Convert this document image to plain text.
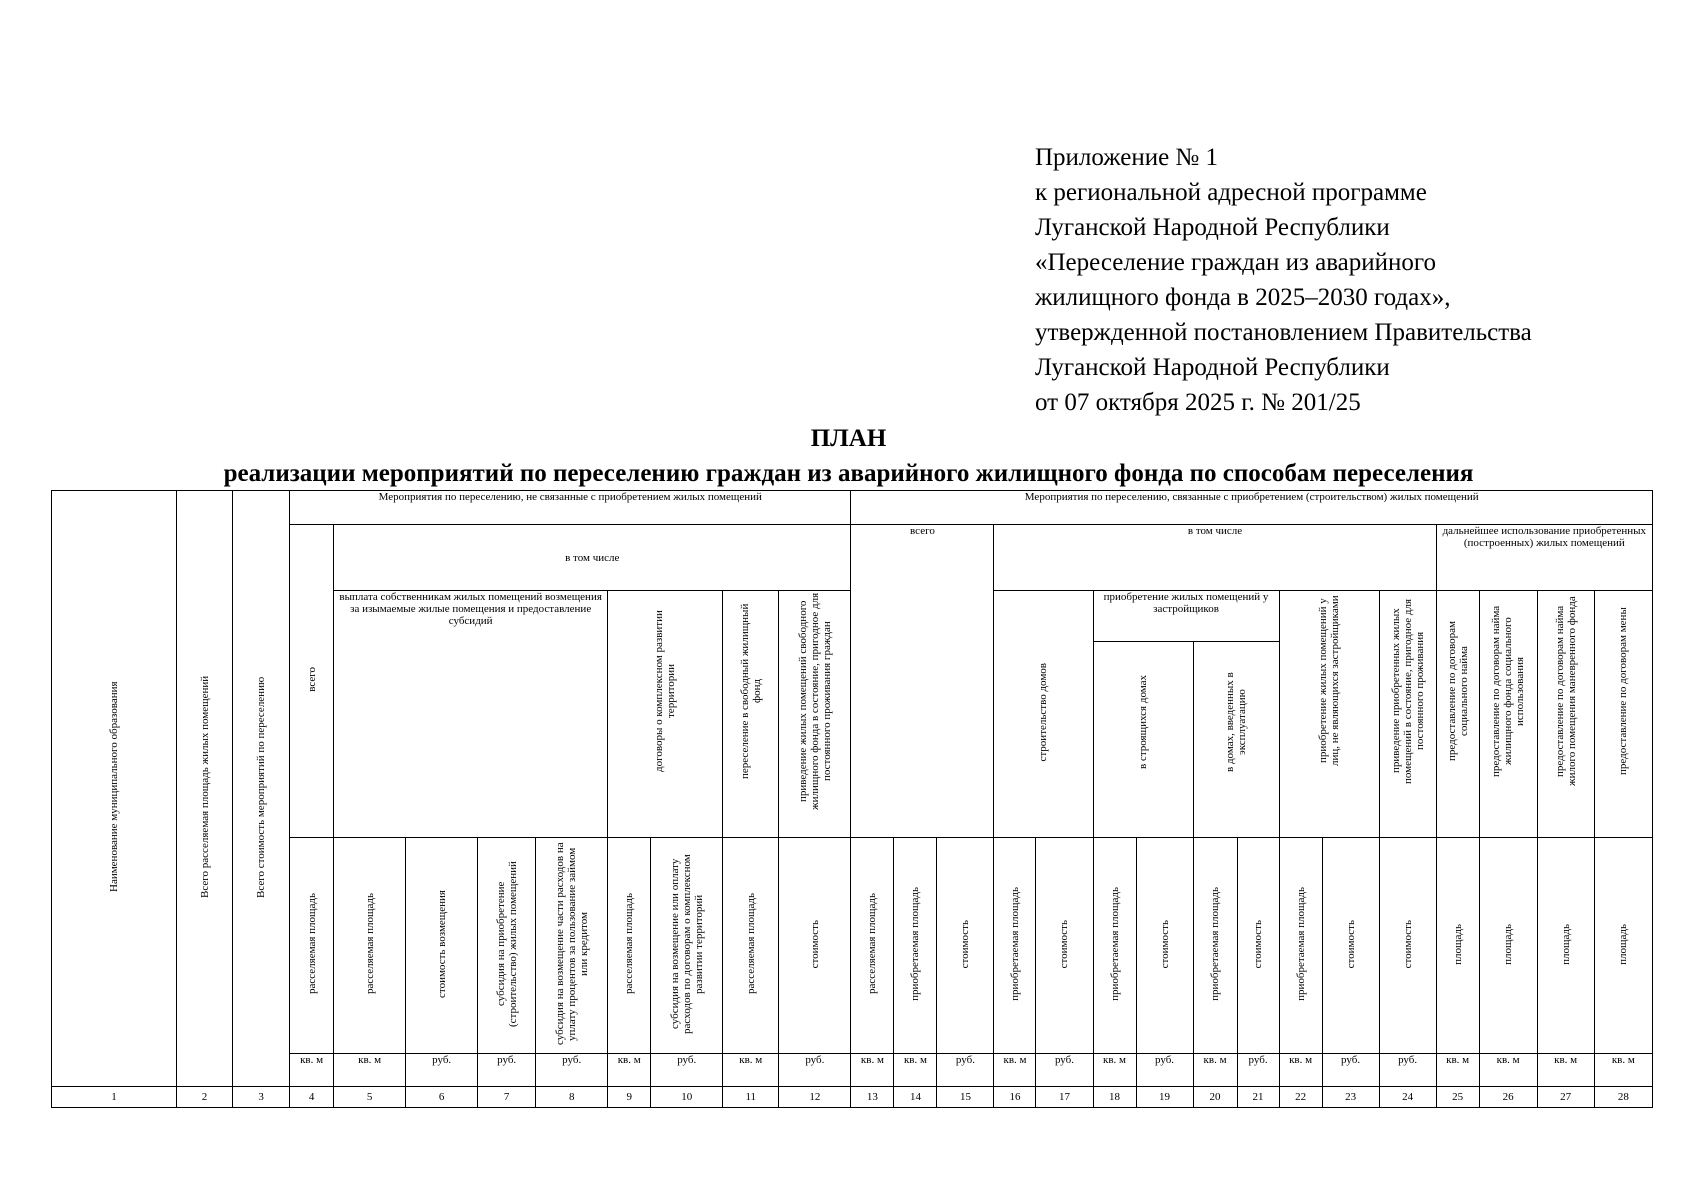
Приложение № 1
к региональной адресной программе
Луганской Народной Республики
«Переселение граждан из аварийного
жилищного фонда в 2025–2030 годах»,
утвержденной постановлением Правительства
Луганской Народной Республики
от 07 октября 2025 г. № 201/25
ПЛАН
реализации мероприятий по переселению граждан из аварийного жилищного фонда по способам переселения
Наименование муниципального образования	Всего расселяемая площадь жилых помещений	Всего стоимость мероприятий по переселению	Мероприятия по переселению, не связанные с приобретением жилых помещений									Мероприятия по переселению, связанные с приобретением (строительством) жилых помещений															
			всего	в том числе								всего			в том числе									дальнейшее использование приобретенных (построенных) жилых помещений			
				выплата собственникам жилых помещений возмещения за изымаемые жилые помещения и предоставление субсидий				договоры о комплексном развитии территории		переселение в свободный жилищный фонд	приведение жилых помещений свободного жилищного фонда в состояние, пригодное для постоянного проживания граждан				строительство домов		приобретение жилых помещений у застройщиков				приобретение жилых помещений у лиц, не являющихся застройщиками		приведение приобретенных жилых помещений в состояние, пригодное для постоянного проживания	предоставление по договорам социального найма	предоставление по договорам найма жилищного фонда социального использования	предоставление по договорам найма жилого помещения маневренного фонда	предоставление по договорам мены
																	в строящихся домах		в домах, введенных в эксплуатацию								
			расселяемая площадь	расселяемая площадь	стоимость возмещения	субсидия на приобретение (строительство) жилых помещений	субсидия на возмещение части расходов на уплату процентов за пользование займом или кредитом	расселяемая площадь	субсидия на возмещение или оплату расходов по договорам о комплексном развитии территорий	расселяемая площадь	стоимость	расселяемая площадь	приобретаемая площадь	стоимость	приобретаемая площадь	стоимость	приобретаемая площадь	стоимость	приобретаемая площадь	стоимость	приобретаемая площадь	стоимость	стоимость	площадь	площадь	площадь	площадь
			кв. м	кв. м	руб.	руб.	руб.	кв. м	руб.	кв. м	руб.	кв. м	кв. м	руб.	кв. м	руб.	кв. м	руб.	кв. м	руб.	кв. м	руб.	руб.	кв. м	кв. м	кв. м	кв. м
1	2	3	4	5	6	7	8	9	10	11	12	13	14	15	16	17	18	19	20	21	22	23	24	25	26	27	28
